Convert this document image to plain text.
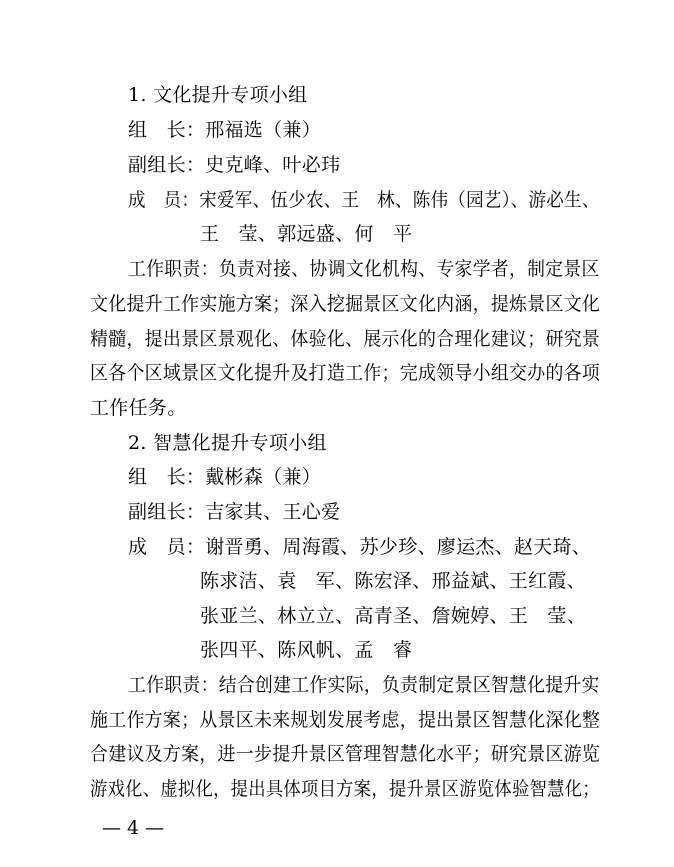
1. 文化提升专项小组
组　长：邢福选（兼）
副组长：史克峰、叶必玮
成　员：宋爱军、伍少农、王　林、陈伟（园艺）、游必生、
王　莹、郭远盛、何　平
工作职责：负责对接、协调文化机构、专家学者，制定景区
文化提升工作实施方案；深入挖掘景区文化内涵，提炼景区文化
精髓，提出景区景观化、体验化、展示化的合理化建议；研究景
区各个区域景区文化提升及打造工作；完成领导小组交办的各项
工作任务。
2. 智慧化提升专项小组
组　长：戴彬森（兼）
副组长：吉家其、王心爱
成　员：谢晋勇、周海霞、苏少珍、廖运杰、赵天琦、
陈求洁、袁　军、陈宏泽、邢益斌、王红霞、
张亚兰、林立立、高青圣、詹婉婷、王　莹、
张四平、陈风帆、孟　睿
工作职责：结合创建工作实际，负责制定景区智慧化提升实
施工作方案；从景区未来规划发展考虑，提出景区智慧化深化整
合建议及方案，进一步提升景区管理智慧化水平；研究景区游览
游戏化、虚拟化，提出具体项目方案，提升景区游览体验智慧化；
— 4 —
